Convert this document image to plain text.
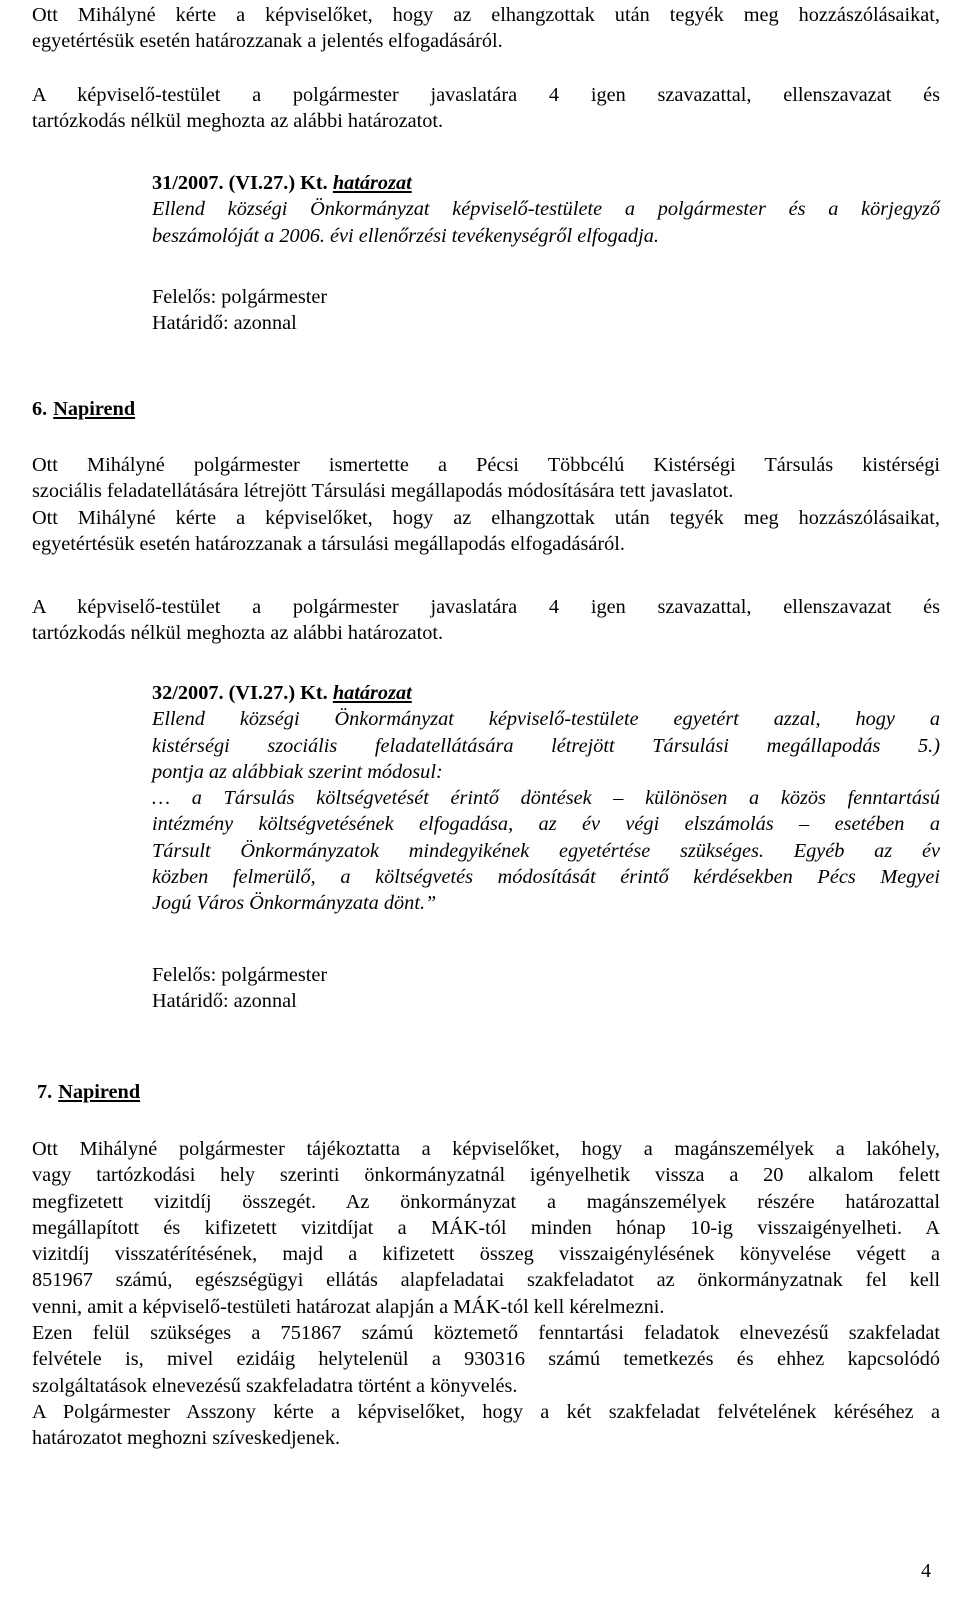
Ott Mihályné kérte a képviselőket, hogy az elhangzottak után tegyék meg hozzászólásaikat,
egyetértésük esetén határozzanak a jelentés elfogadásáról.
A képviselő-testület a polgármester javaslatára 4 igen szavazattal, ellenszavazat és
tartózkodás nélkül meghozta az alábbi határozatot.
31/2007. (VI.27.) Kt. határozat
Ellend községi Önkormányzat képviselő-testülete a polgármester és a körjegyző
beszámolóját a 2006. évi ellenőrzési tevékenységről elfogadja.
Felelős: polgármester
Határidő: azonnal
6. Napirend
Ott Mihályné polgármester ismertette a Pécsi Többcélú Kistérségi Társulás kistérségi
szociális feladatellátására létrejött Társulási megállapodás módosítására tett javaslatot.
Ott Mihályné kérte a képviselőket, hogy az elhangzottak után tegyék meg hozzászólásaikat,
egyetértésük esetén határozzanak a társulási megállapodás elfogadásáról.
A képviselő-testület a polgármester javaslatára 4 igen szavazattal, ellenszavazat és
tartózkodás nélkül meghozta az alábbi határozatot.
32/2007. (VI.27.) Kt. határozat
Ellend községi Önkormányzat képviselő-testülete egyetért azzal, hogy a
kistérségi szociális feladatellátására létrejött Társulási megállapodás 5.)
pontja az alábbiak szerint módosul:
… a Társulás költségvetését érintő döntések – különösen a közös fenntartású
intézmény költségvetésének elfogadása, az év végi elszámolás – esetében a
Társult Önkormányzatok mindegyikének egyetértése szükséges. Egyéb az év
közben felmerülő, a költségvetés módosítását érintő kérdésekben Pécs Megyei
Jogú Város Önkormányzata dönt.”
Felelős: polgármester
Határidő: azonnal
7. Napirend
Ott Mihályné polgármester tájékoztatta a képviselőket, hogy a magánszemélyek a lakóhely,
vagy tartózkodási hely szerinti önkormányzatnál igényelhetik vissza a 20 alkalom felett
megfizetett vizitdíj összegét. Az önkormányzat a magánszemélyek részére határozattal
megállapított és kifizetett vizitdíjat a MÁK-tól minden hónap 10-ig visszaigényelheti. A
vizitdíj visszatérítésének, majd a kifizetett összeg visszaigénylésének könyvelése végett a
851967 számú, egészségügyi ellátás alapfeladatai szakfeladatot az önkormányzatnak fel kell
venni, amit a képviselő-testületi határozat alapján a MÁK-tól kell kérelmezni.
Ezen felül szükséges a 751867 számú köztemető fenntartási feladatok elnevezésű szakfeladat
felvétele is, mivel ezidáig helytelenül a 930316 számú temetkezés és ehhez kapcsolódó
szolgáltatások elnevezésű szakfeladatra történt a könyvelés.
A Polgármester Asszony kérte a képviselőket, hogy a két szakfeladat felvételének kéréséhez a
határozatot meghozni szíveskedjenek.
4
